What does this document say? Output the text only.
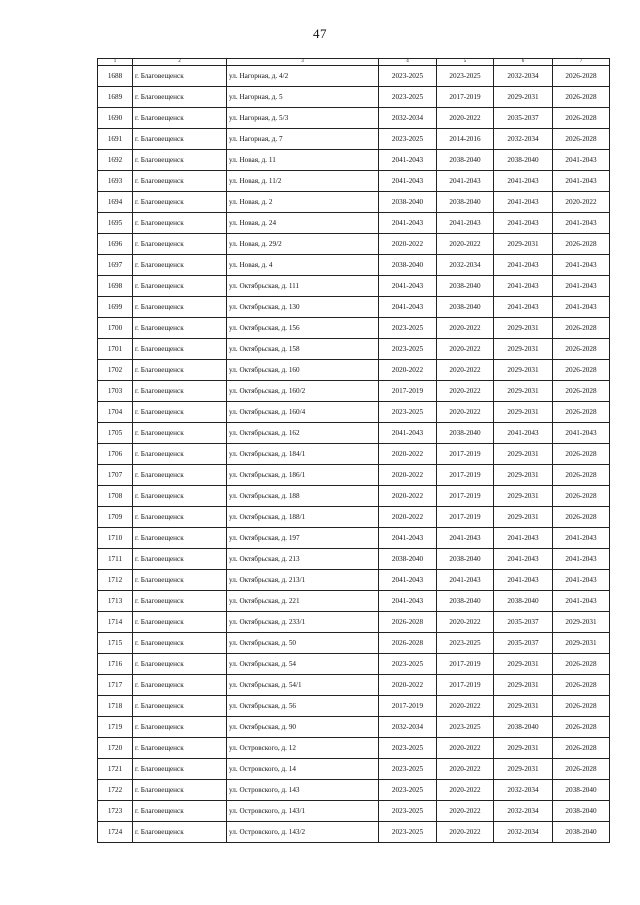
47
1	2	3	4	5	6	7
1688	г. Благовещенск	ул. Нагорная, д. 4/2	2023-2025	2023-2025	2032-2034	2026-2028
1689	г. Благовещенск	ул. Нагорная, д. 5	2023-2025	2017-2019	2029-2031	2026-2028
1690	г. Благовещенск	ул. Нагорная, д. 5/3	2032-2034	2020-2022	2035-2037	2026-2028
1691	г. Благовещенск	ул. Нагорная, д. 7	2023-2025	2014-2016	2032-2034	2026-2028
1692	г. Благовещенск	ул. Новая, д. 11	2041-2043	2038-2040	2038-2040	2041-2043
1693	г. Благовещенск	ул. Новая, д. 11/2	2041-2043	2041-2043	2041-2043	2041-2043
1694	г. Благовещенск	ул. Новая, д. 2	2038-2040	2038-2040	2041-2043	2020-2022
1695	г. Благовещенск	ул. Новая, д. 24	2041-2043	2041-2043	2041-2043	2041-2043
1696	г. Благовещенск	ул. Новая, д. 29/2	2020-2022	2020-2022	2029-2031	2026-2028
1697	г. Благовещенск	ул. Новая, д. 4	2038-2040	2032-2034	2041-2043	2041-2043
1698	г. Благовещенск	ул. Октябрьская, д. 111	2041-2043	2038-2040	2041-2043	2041-2043
1699	г. Благовещенск	ул. Октябрьская, д. 130	2041-2043	2038-2040	2041-2043	2041-2043
1700	г. Благовещенск	ул. Октябрьская, д. 156	2023-2025	2020-2022	2029-2031	2026-2028
1701	г. Благовещенск	ул. Октябрьская, д. 158	2023-2025	2020-2022	2029-2031	2026-2028
1702	г. Благовещенск	ул. Октябрьская, д. 160	2020-2022	2020-2022	2029-2031	2026-2028
1703	г. Благовещенск	ул. Октябрьская, д. 160/2	2017-2019	2020-2022	2029-2031	2026-2028
1704	г. Благовещенск	ул. Октябрьская, д. 160/4	2023-2025	2020-2022	2029-2031	2026-2028
1705	г. Благовещенск	ул. Октябрьская, д. 162	2041-2043	2038-2040	2041-2043	2041-2043
1706	г. Благовещенск	ул. Октябрьская, д. 184/1	2020-2022	2017-2019	2029-2031	2026-2028
1707	г. Благовещенск	ул. Октябрьская, д. 186/1	2020-2022	2017-2019	2029-2031	2026-2028
1708	г. Благовещенск	ул. Октябрьская, д. 188	2020-2022	2017-2019	2029-2031	2026-2028
1709	г. Благовещенск	ул. Октябрьская, д. 188/1	2020-2022	2017-2019	2029-2031	2026-2028
1710	г. Благовещенск	ул. Октябрьская, д. 197	2041-2043	2041-2043	2041-2043	2041-2043
1711	г. Благовещенск	ул. Октябрьская, д. 213	2038-2040	2038-2040	2041-2043	2041-2043
1712	г. Благовещенск	ул. Октябрьская, д. 213/1	2041-2043	2041-2043	2041-2043	2041-2043
1713	г. Благовещенск	ул. Октябрьская, д. 221	2041-2043	2038-2040	2038-2040	2041-2043
1714	г. Благовещенск	ул. Октябрьская, д. 233/1	2026-2028	2020-2022	2035-2037	2029-2031
1715	г. Благовещенск	ул. Октябрьская, д. 50	2026-2028	2023-2025	2035-2037	2029-2031
1716	г. Благовещенск	ул. Октябрьская, д. 54	2023-2025	2017-2019	2029-2031	2026-2028
1717	г. Благовещенск	ул. Октябрьская, д. 54/1	2020-2022	2017-2019	2029-2031	2026-2028
1718	г. Благовещенск	ул. Октябрьская, д. 56	2017-2019	2020-2022	2029-2031	2026-2028
1719	г. Благовещенск	ул. Октябрьская, д. 90	2032-2034	2023-2025	2038-2040	2026-2028
1720	г. Благовещенск	ул. Островского, д. 12	2023-2025	2020-2022	2029-2031	2026-2028
1721	г. Благовещенск	ул. Островского, д. 14	2023-2025	2020-2022	2029-2031	2026-2028
1722	г. Благовещенск	ул. Островского, д. 143	2023-2025	2020-2022	2032-2034	2038-2040
1723	г. Благовещенск	ул. Островского, д. 143/1	2023-2025	2020-2022	2032-2034	2038-2040
1724	г. Благовещенск	ул. Островского, д. 143/2	2023-2025	2020-2022	2032-2034	2038-2040
